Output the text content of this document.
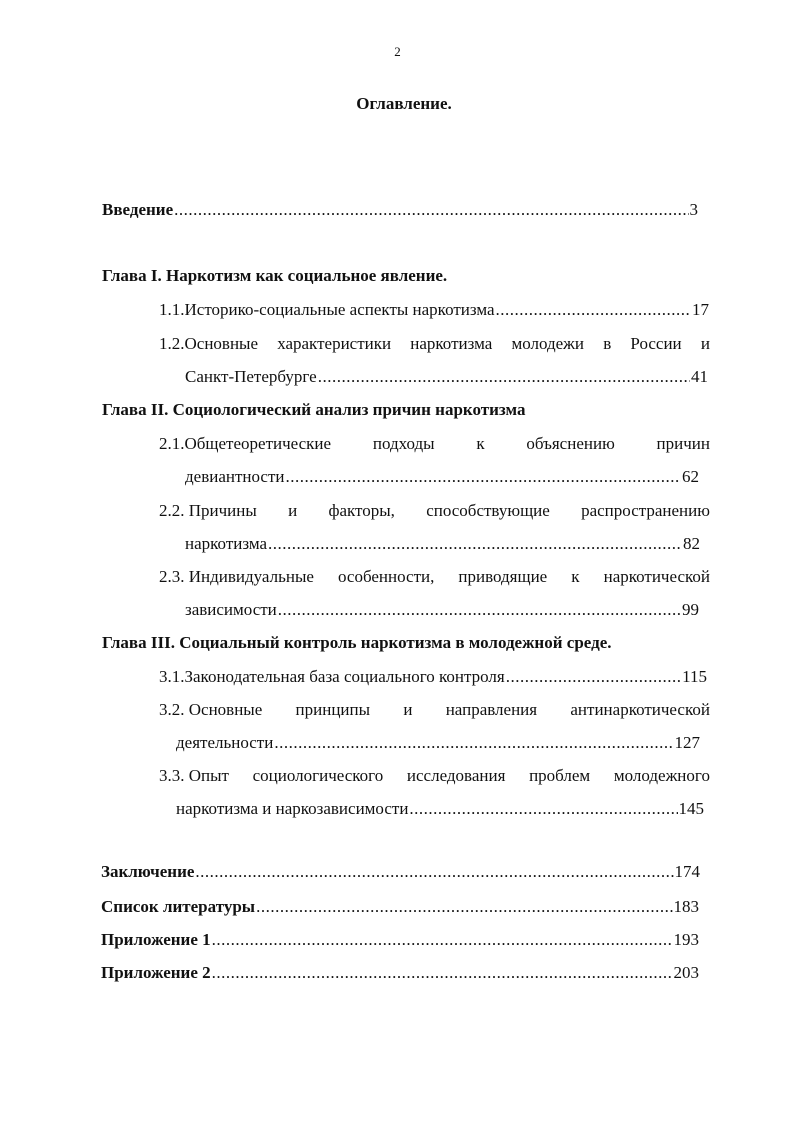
2
Оглавление.
Введение .....	3
Глава I. Наркотизм как социальное явление.
1.1.Историко-социальные аспекты наркотизма .....	17
1.2.Основные характеристики наркотизма молодежи в России и
Санкт-Петербурге .....	41
Глава II. Социологический анализ причин наркотизма
2.1.Общетеоретические подходы к объяснению причин
девиантности .....	62
2.2. Причины и факторы, способствующие распространению
наркотизма .....	82
2.3. Индивидуальные особенности, приводящие к наркотической
зависимости .....	99
Глава III. Социальный контроль наркотизма в молодежной среде.
3.1.Законодательная база социального контроля .....	115
3.2. Основные принципы и направления антинаркотической
деятельности .....	127
3.3. Опыт социологического исследования проблем молодежного
наркотизма и наркозависимости .....	145
Заключение .....	174
Список литературы .....	183
Приложение 1 .....	193
Приложение 2 .....	203
